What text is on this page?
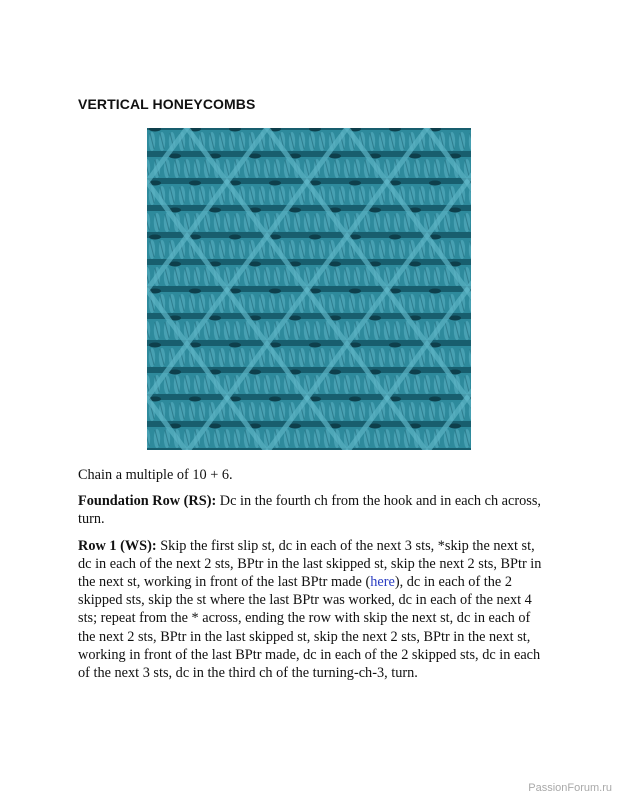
VERTICAL HONEYCOMBS

Chain a multiple of 10 + 6.

Foundation Row (RS): Dc in the fourth ch from the hook and in each ch across, turn.

Row 1 (WS): Skip the first slip st, dc in each of the next 3 sts, *skip the next st, dc in each of the next 2 sts, BPtr in the last skipped st, skip the next 2 sts, BPtr in the next st, working in front of the last BPtr made (here), dc in each of the 2 skipped sts, skip the st where the last BPtr was worked, dc in each of the next 4 sts; repeat from the * across, ending the row with skip the next st, dc in each of the next 2 sts, BPtr in the last skipped st, skip the next 2 sts, BPtr in the next st, working in front of the last BPtr made, dc in each of the 2 skipped sts, dc in each of the next 3 sts, dc in the third ch of the turning-ch-3, turn.

PassionForum.ru
